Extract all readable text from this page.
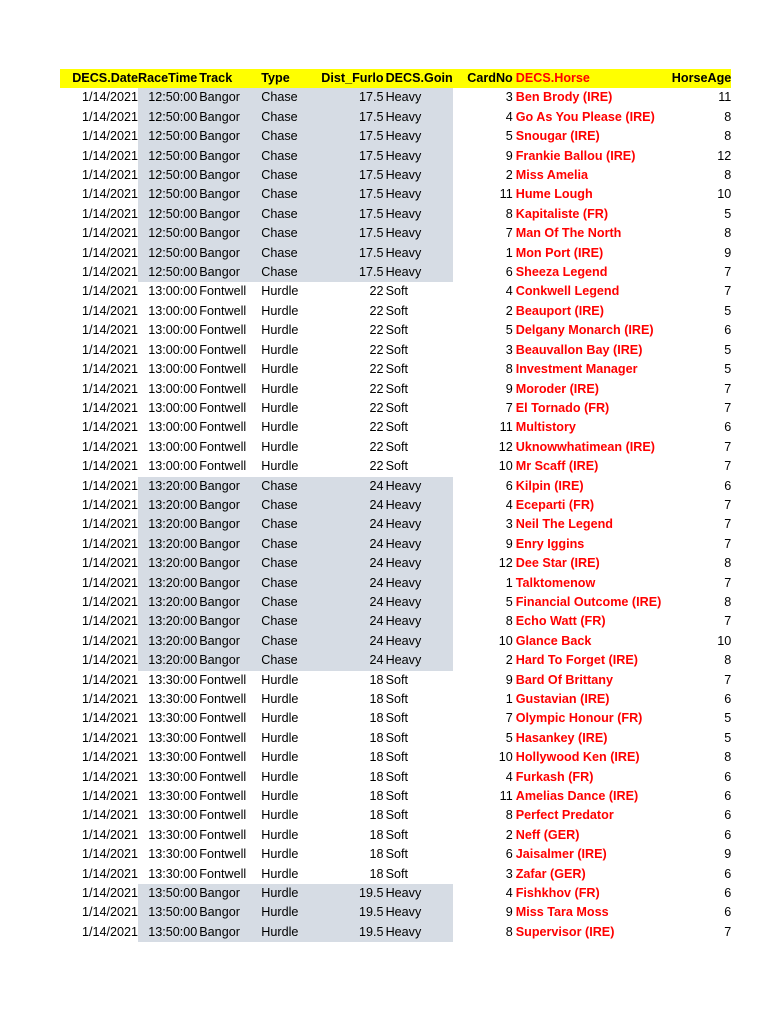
DECS.Date	RaceTime	Track	Type	Dist_Furlo	DECS.Goin	CardNo	DECS.Horse	HorseAge
1/14/2021	12:50:00	Bangor	Chase	17.5	Heavy	3	Ben Brody (IRE)	11
1/14/2021	12:50:00	Bangor	Chase	17.5	Heavy	4	Go As You Please (IRE)	8
1/14/2021	12:50:00	Bangor	Chase	17.5	Heavy	5	Snougar (IRE)	8
1/14/2021	12:50:00	Bangor	Chase	17.5	Heavy	9	Frankie Ballou (IRE)	12
1/14/2021	12:50:00	Bangor	Chase	17.5	Heavy	2	Miss Amelia	8
1/14/2021	12:50:00	Bangor	Chase	17.5	Heavy	11	Hume Lough	10
1/14/2021	12:50:00	Bangor	Chase	17.5	Heavy	8	Kapitaliste (FR)	5
1/14/2021	12:50:00	Bangor	Chase	17.5	Heavy	7	Man Of The North	8
1/14/2021	12:50:00	Bangor	Chase	17.5	Heavy	1	Mon Port (IRE)	9
1/14/2021	12:50:00	Bangor	Chase	17.5	Heavy	6	Sheeza Legend	7
1/14/2021	13:00:00	Fontwell	Hurdle	22	Soft	4	Conkwell Legend	7
1/14/2021	13:00:00	Fontwell	Hurdle	22	Soft	2	Beauport (IRE)	5
1/14/2021	13:00:00	Fontwell	Hurdle	22	Soft	5	Delgany Monarch (IRE)	6
1/14/2021	13:00:00	Fontwell	Hurdle	22	Soft	3	Beauvallon Bay (IRE)	5
1/14/2021	13:00:00	Fontwell	Hurdle	22	Soft	8	Investment Manager	5
1/14/2021	13:00:00	Fontwell	Hurdle	22	Soft	9	Moroder (IRE)	7
1/14/2021	13:00:00	Fontwell	Hurdle	22	Soft	7	El Tornado (FR)	7
1/14/2021	13:00:00	Fontwell	Hurdle	22	Soft	11	Multistory	6
1/14/2021	13:00:00	Fontwell	Hurdle	22	Soft	12	Uknowwhatimean (IRE)	7
1/14/2021	13:00:00	Fontwell	Hurdle	22	Soft	10	Mr Scaff (IRE)	7
1/14/2021	13:20:00	Bangor	Chase	24	Heavy	6	Kilpin (IRE)	6
1/14/2021	13:20:00	Bangor	Chase	24	Heavy	4	Eceparti (FR)	7
1/14/2021	13:20:00	Bangor	Chase	24	Heavy	3	Neil The Legend	7
1/14/2021	13:20:00	Bangor	Chase	24	Heavy	9	Enry Iggins	7
1/14/2021	13:20:00	Bangor	Chase	24	Heavy	12	Dee Star (IRE)	8
1/14/2021	13:20:00	Bangor	Chase	24	Heavy	1	Talktomenow	7
1/14/2021	13:20:00	Bangor	Chase	24	Heavy	5	Financial Outcome (IRE)	8
1/14/2021	13:20:00	Bangor	Chase	24	Heavy	8	Echo Watt (FR)	7
1/14/2021	13:20:00	Bangor	Chase	24	Heavy	10	Glance Back	10
1/14/2021	13:20:00	Bangor	Chase	24	Heavy	2	Hard To Forget (IRE)	8
1/14/2021	13:30:00	Fontwell	Hurdle	18	Soft	9	Bard Of Brittany	7
1/14/2021	13:30:00	Fontwell	Hurdle	18	Soft	1	Gustavian (IRE)	6
1/14/2021	13:30:00	Fontwell	Hurdle	18	Soft	7	Olympic Honour (FR)	5
1/14/2021	13:30:00	Fontwell	Hurdle	18	Soft	5	Hasankey (IRE)	5
1/14/2021	13:30:00	Fontwell	Hurdle	18	Soft	10	Hollywood Ken (IRE)	8
1/14/2021	13:30:00	Fontwell	Hurdle	18	Soft	4	Furkash (FR)	6
1/14/2021	13:30:00	Fontwell	Hurdle	18	Soft	11	Amelias Dance (IRE)	6
1/14/2021	13:30:00	Fontwell	Hurdle	18	Soft	8	Perfect Predator	6
1/14/2021	13:30:00	Fontwell	Hurdle	18	Soft	2	Neff (GER)	6
1/14/2021	13:30:00	Fontwell	Hurdle	18	Soft	6	Jaisalmer (IRE)	9
1/14/2021	13:30:00	Fontwell	Hurdle	18	Soft	3	Zafar (GER)	6
1/14/2021	13:50:00	Bangor	Hurdle	19.5	Heavy	4	Fishkhov (FR)	6
1/14/2021	13:50:00	Bangor	Hurdle	19.5	Heavy	9	Miss Tara Moss	6
1/14/2021	13:50:00	Bangor	Hurdle	19.5	Heavy	8	Supervisor (IRE)	7
